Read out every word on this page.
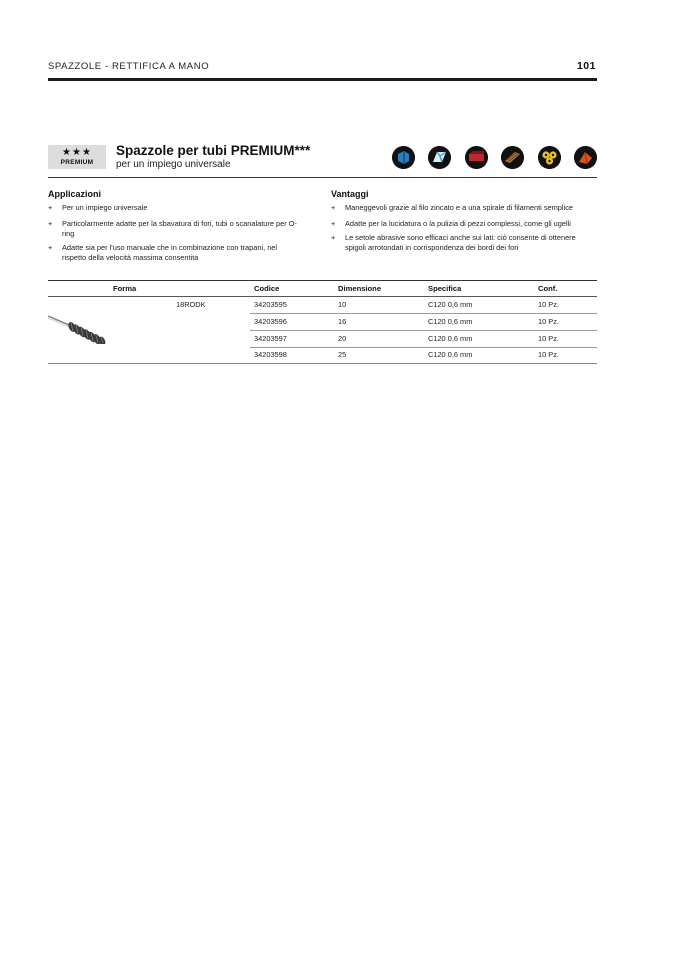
SPAZZOLE - RETTIFICA A MANO	101
★★★
PREMIUM
Spazzole per tubi PREMIUM***
per un impiego universale
Applicazioni
+ Per un impiego universale
+ Particolarmente adatte per la sbavatura di fori, tubi o scanalature per O-
ring
+ Adatte sia per l'uso manuale che in combinazione con trapani, nel
rispetto della velocità massima consentita
Vantaggi
+ Maneggevoli grazie al filo zincato e a una spirale di filamenti semplice
+ Adatte per la lucidatura o la pulizia di pezzi complessi, come gli ugelli
+ Le setole abrasive sono efficaci anche sui lati: ciò consente di ottenere
spigoli arrotondati in corrispondenza dei bordi dei fori
Forma	Codice	Dimensione	Specifica	Conf.
18RODK	34203595	10	C120 0,6 mm	10 Pz.
34203596	16	C120 0,6 mm	10 Pz.
34203597	20	C120 0,6 mm	10 Pz.
34203598	25	C120 0,6 mm	10 Pz.
